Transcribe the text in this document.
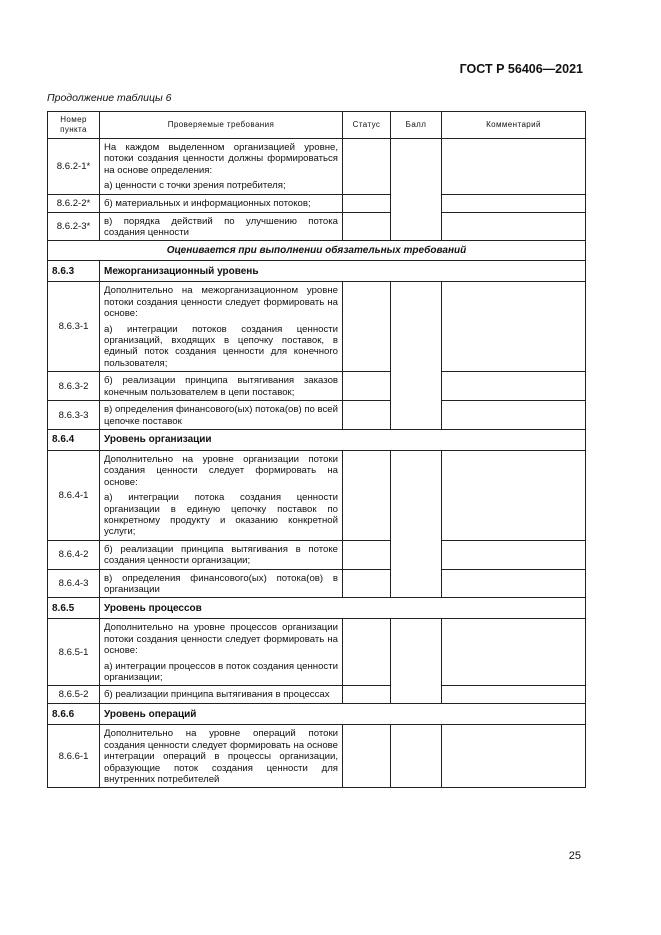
ГОСТ Р 56406—2021
Продолжение таблицы 6
Номер пункта	Проверяемые требования	Статус	Балл	Комментарий
8.6.2-1*	На каждом выделенном организацией уровне, потоки создания ценности должны формироваться на основе определения:

а) ценности с точки зрения потребителя;			

8.6.2-2*	б) материальных и информационных потоков;			

8.6.2-3*	в) порядка действий по улучшению потока создания ценности			

Оценивается при выполнении обязательных требований				
8.6.3	Межорганизационный уровень			
8.6.3-1	Дополнительно на межорганизационном уровне потоки создания ценности следует формировать на основе:

а) интеграции потоков создания ценности организаций, входящих в цепочку поставок, в единый поток создания ценности для конечного пользователя;			

8.6.3-2	б) реализации принципа вытягивания заказов конечным пользователем в цепи поставок;			

8.6.3-3	в) определения финансового(ых) потока(ов) по всей цепочке поставок			

8.6.4	Уровень организации			
8.6.4-1	Дополнительно на уровне организации потоки создания ценности следует формировать на основе:

а) интеграции потока создания ценности организации в единую цепочку поставок по конкретному продукту и оказанию конкретной услуги;			

8.6.4-2	б) реализации принципа вытягивания в потоке создания ценности организации;			

8.6.4-3	в) определения финансового(ых) потока(ов) в организации			

8.6.5	Уровень процессов			
8.6.5-1	Дополнительно на уровне процессов организации потоки создания ценности следует формировать на основе:

а) интеграции процессов в поток создания ценности организации;			

8.6.5-2	б) реализации принципа вытягивания в процессах			

8.6.6	Уровень операций			
8.6.6-1	Дополнительно на уровне операций потоки создания ценности следует формировать на основе интеграции операций в процессы организации, образующие поток создания ценности для внутренних потребителей			

25
